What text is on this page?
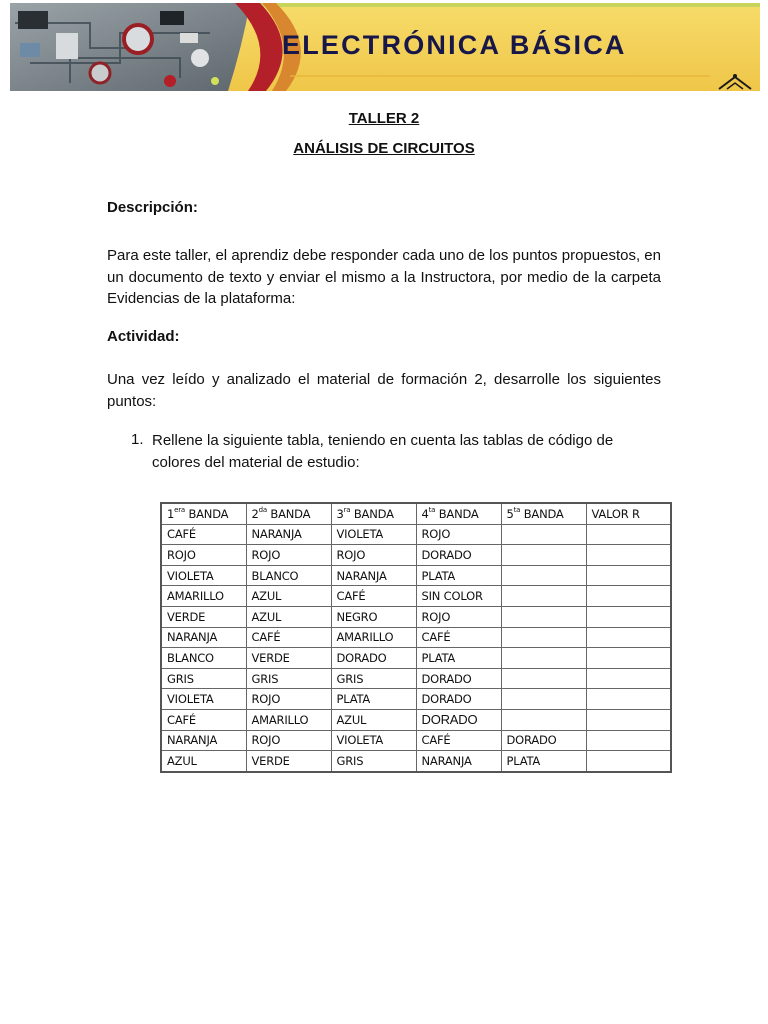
ELECTRÓNICA BÁSICA
TALLER 2
ANÁLISIS DE CIRCUITOS
Descripción:
Para este taller, el aprendiz debe responder cada uno de los puntos propuestos, en un documento de texto y enviar el mismo a la Instructora, por medio de la carpeta Evidencias de la plataforma:
Actividad:
Una vez leído y analizado el material de formación 2, desarrolle los siguientes puntos:
1. Rellene la siguiente tabla, teniendo en cuenta las tablas de código de colores del material de estudio:
$1^{era}$ BANDA	$2^{da}$ BANDA	$3^{ra}$ BANDA	$4^{ta}$ BANDA	$5^{ta}$ BANDA	VALOR R
CAFÉ	NARANJA	VIOLETA	ROJO		
ROJO	ROJO	ROJO	DORADO		
VIOLETA	BLANCO	NARANJA	PLATA		
AMARILLO	AZUL	CAFÉ	SIN COLOR		
VERDE	AZUL	NEGRO	ROJO		
NARANJA	CAFÉ	AMARILLO	CAFÉ		
BLANCO	VERDE	DORADO	PLATA		
GRIS	GRIS	GRIS	DORADO		
VIOLETA	ROJO	PLATA	DORADO		
CAFÉ	AMARILLO	AZUL	DORADO		
NARANJA	ROJO	VIOLETA	CAFÉ	DORADO	
AZUL	VERDE	GRIS	NARANJA	PLATA	
